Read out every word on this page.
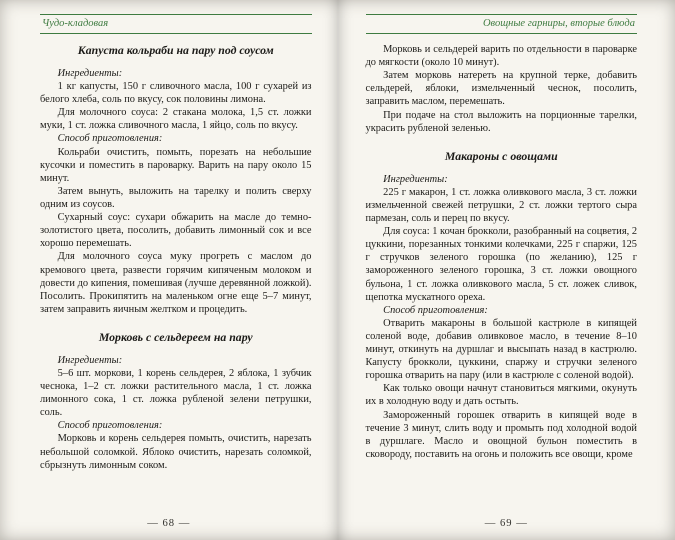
Чудо-кладовая
Капуста кольраби на пару под соусом
Ингредиенты:
1 кг капусты, 150 г сливочного масла, 100 г сухарей из белого хлеба, соль по вкусу, сок половины лимона.
Для молочного соуса: 2 стакана молока, 1,5 ст. ложки муки, 1 ст. ложка сливочного масла, 1 яйцо, соль по вкусу.
Способ приготовления:
Кольраби очистить, помыть, порезать на небольшие кусочки и поместить в пароварку. Варить на пару около 15 минут.
Затем вынуть, выложить на тарелку и полить сверху одним из соусов.
Сухарный соус: сухари обжарить на масле до темно-золотистого цвета, посолить, добавить лимонный сок и все хорошо перемешать.
Для молочного соуса муку прогреть с маслом до кремового цвета, развести горячим кипяченым молоком и довести до кипения, помешивая (лучше деревянной ложкой). Посолить. Прокипятить на маленьком огне еще 5–7 минут, затем заправить яичным желтком и процедить.
Морковь с сельдереем на пару
Ингредиенты:
5–6 шт. моркови, 1 корень сельдерея, 2 яблока, 1 зубчик чеснока, 1–2 ст. ложки растительного масла, 1 ст. ложка лимонного сока, 1 ст. ложка рубленой зелени петрушки, соль.
Способ приготовления:
Морковь и корень сельдерея помыть, очистить, нарезать небольшой соломкой. Яблоко очистить, нарезать соломкой, сбрызнуть лимонным соком.
— 68 —
Овощные гарниры, вторые блюда
Морковь и сельдерей варить по отдельности в пароварке до мягкости (около 10 минут).
Затем морковь натереть на крупной терке, добавить сельдерей, яблоки, измельченный чеснок, посолить, заправить маслом, перемешать.
При подаче на стол выложить на порционные тарелки, украсить рубленой зеленью.
Макароны с овощами
Ингредиенты:
225 г макарон, 1 ст. ложка оливкового масла, 3 ст. ложки измельченной свежей петрушки, 2 ст. ложки тертого сыра пармезан, соль и перец по вкусу.
Для соуса: 1 кочан брокколи, разобранный на соцветия, 2 цуккини, порезанных тонкими колечками, 225 г спаржи, 125 г стручков зеленого горошка (по желанию), 125 г замороженного зеленого горошка, 3 ст. ложки овощного бульона, 1 ст. ложка оливкового масла, 5 ст. ложек сливок, щепотка мускатного ореха.
Способ приготовления:
Отварить макароны в большой кастрюле в кипящей соленой воде, добавив оливковое масло, в течение 8–10 минут, откинуть на дуршлаг и высыпать назад в кастрюлю. Капусту брокколи, цуккини, спаржу и стручки зеленого горошка отварить на пару (или в кастрюле с соленой водой).
Как только овощи начнут становиться мягкими, окунуть их в холодную воду и дать остыть.
Замороженный горошек отварить в кипящей воде в течение 3 минут, слить воду и промыть под холодной водой в дуршлаге. Масло и овощной бульон поместить в сковороду, поставить на огонь и положить все овощи, кроме
— 69 —
